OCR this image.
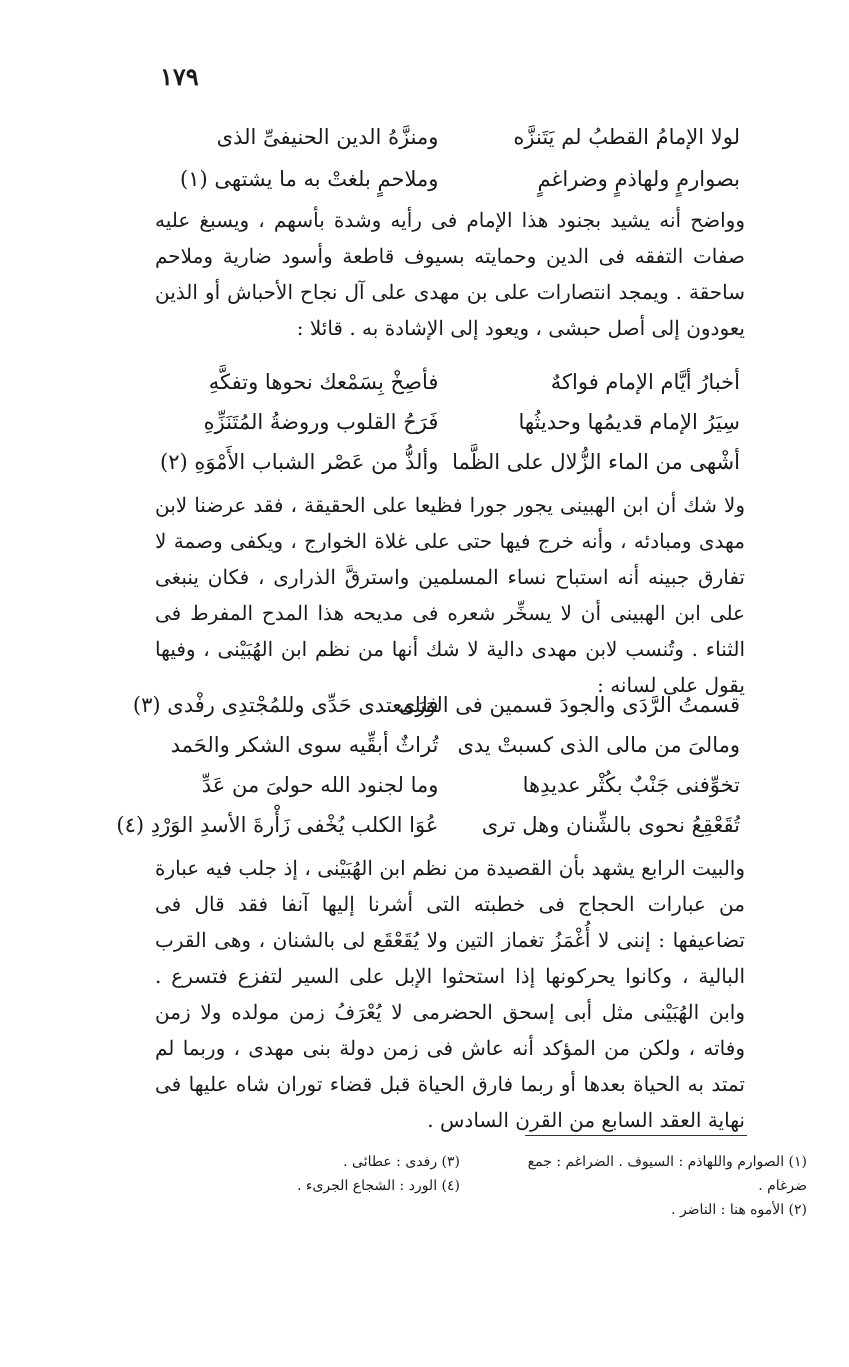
١٧٩
لولا الإمامُ القطبُ لم يَتَنزَّه
ومنزَّهُ الدين الحنيفىِّ الذى
بصوارمٍ ولهاذمٍ وضراغمٍ
وملاحمٍ بلغتْ به ما يشتهى (١)
وواضح أنه يشيد بجنود هذا الإمام فى رأيه وشدة بأسهم ، ويسبغ عليه صفات التفقه فى الدين وحمايته بسيوف قاطعة وأسود ضارية وملاحم ساحقة . ويمجد انتصارات على بن مهدى على آل نجاح الأحباش أو الذين يعودون إلى أصل حبشى ، ويعود إلى الإشادة به . قائلا :
أخبارُ أيَّام الإمام فواكهٌ
فأصِخْ بِسَمْعك نحوها وتفكَّهِ
سِيَرُ الإمام قديمُها وحديثُها
فَرَحُ القلوب وروضةُ المُتَنَزِّهِ
أشْهى من الماء الزُّلال على الظَّما
وألذُّ من عَصْر الشباب الأَمْوَهِ (٢)
ولا شك أن ابن الهبينى يجور جورا فظيعا على الحقيقة ، فقد عرضنا لابن مهدى ومبادئه ، وأنه خرج فيها حتى على غلاة الخوارج ، ويكفى وصمة لا تفارق جبينه أنه استباح نساء المسلمين واسترقَّ الذرارى ، فكان ينبغى على ابن الهبينى أن لا يسخِّر شعره فى مديحه هذا المدح المفرط فى الثناء . وتُنسب لابن مهدى دالية لا شك أنها من نظم ابن الهُبَيْنى ، وفيها يقول على لسانه :
قسمتُ الرَّدَى والجودَ قسمين فى الوَرَى
فللمعتدى حَدِّى وللمُجْتدِى رفْدى (٣)
ومالىَ من مالى الذى كسبتْ يدى
تُراثٌ أبقِّيه سوى الشكر والحَمد
تخوِّفنى جَنْبٌ بكُثْر عديدِها
وما لجنود الله حولىَ من عَدِّ
تُقَعْقِعُ نحوى بالشِّنان وهل ترى
عُوَا الكلب يُخْفى زَأْرةَ الأسدِ الوَرْدِ (٤)
والبيت الرابع يشهد بأن القصيدة من نظم ابن الهُبَيْنى ، إذ جلب فيه عبارة من عبارات الحجاج فى خطبته التى أشرنا إليها آنفا فقد قال فى تضاعيفها : إننى لا أُغْمَزُ تغماز التين ولا يُقَعْقَع لى بالشنان ، وهى القرب البالية ، وكانوا يحركونها إذا استحثوا الإبل على السير لتفزع فتسرع . وابن الهُبَيْنى مثل أبى إسحق الحضرمى لا يُعْرَفُ زمن مولده ولا زمن وفاته ، ولكن من المؤكد أنه عاش فى زمن دولة بنى مهدى ، وربما لم تمتد به الحياة بعدها أو ربما فارق الحياة قبل قضاء توران شاه عليها فى نهاية العقد السابع من القرن السادس .
(١) الصوارم واللهاذم : السيوف . الضراغم : جمع
ضرغام .
(٢) الأموه هنا : الناضر .
(٣) رفدى : عطائى .
(٤) الورد : الشجاع الجرىء .
